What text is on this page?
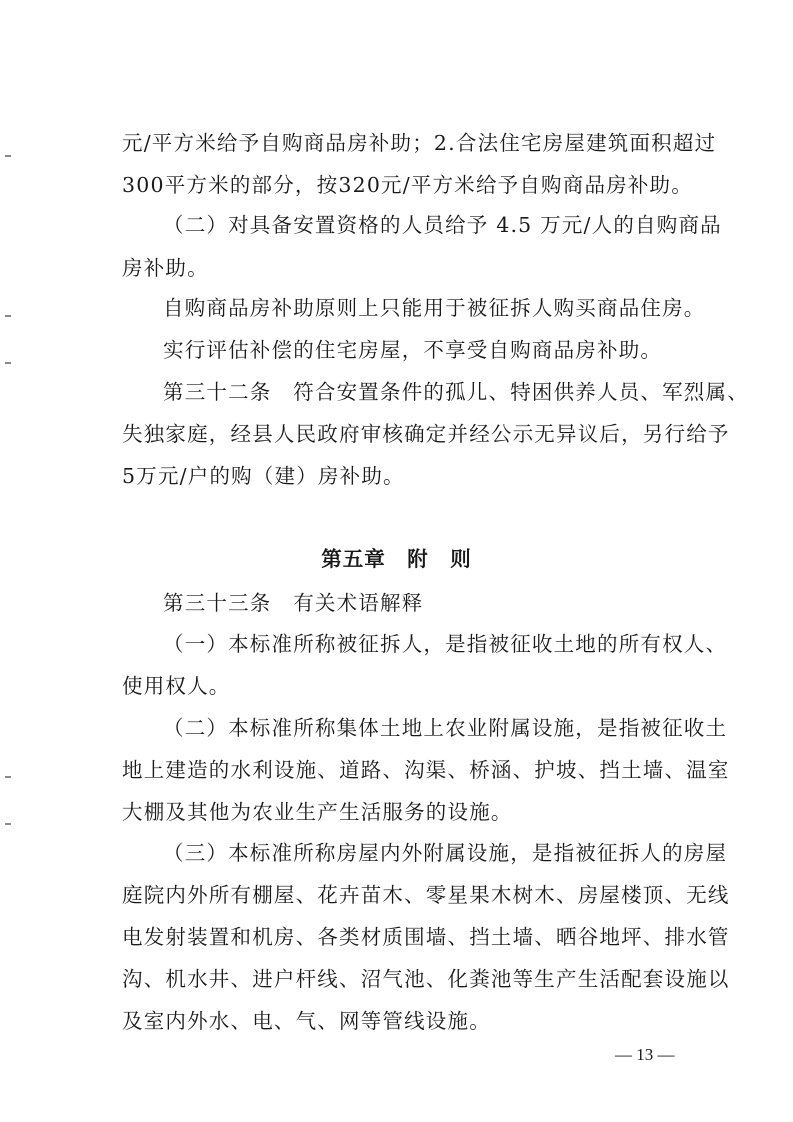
元/平方米给予自购商品房补助；2.合法住宅房屋建筑面积超过
300平方米的部分，按320元/平方米给予自购商品房补助。
（二）对具备安置资格的人员给予 4.5 万元/人的自购商品
房补助。
自购商品房补助原则上只能用于被征拆人购买商品住房。
实行评估补偿的住宅房屋，不享受自购商品房补助。
第三十二条　符合安置条件的孤儿、特困供养人员、军烈属、
失独家庭，经县人民政府审核确定并经公示无异议后，另行给予
5万元/户的购（建）房补助。
第五章　附　则
第三十三条　有关术语解释
（一）本标准所称被征拆人，是指被征收土地的所有权人、
使用权人。
（二）本标准所称集体土地上农业附属设施，是指被征收土
地上建造的水利设施、道路、沟渠、桥涵、护坡、挡土墙、温室
大棚及其他为农业生产生活服务的设施。
（三）本标准所称房屋内外附属设施，是指被征拆人的房屋
庭院内外所有棚屋、花卉苗木、零星果木树木、房屋楼顶、无线
电发射装置和机房、各类材质围墙、挡土墙、晒谷地坪、排水管
沟、机水井、进户杆线、沼气池、化粪池等生产生活配套设施以
及室内外水、电、气、网等管线设施。
— 13 —
